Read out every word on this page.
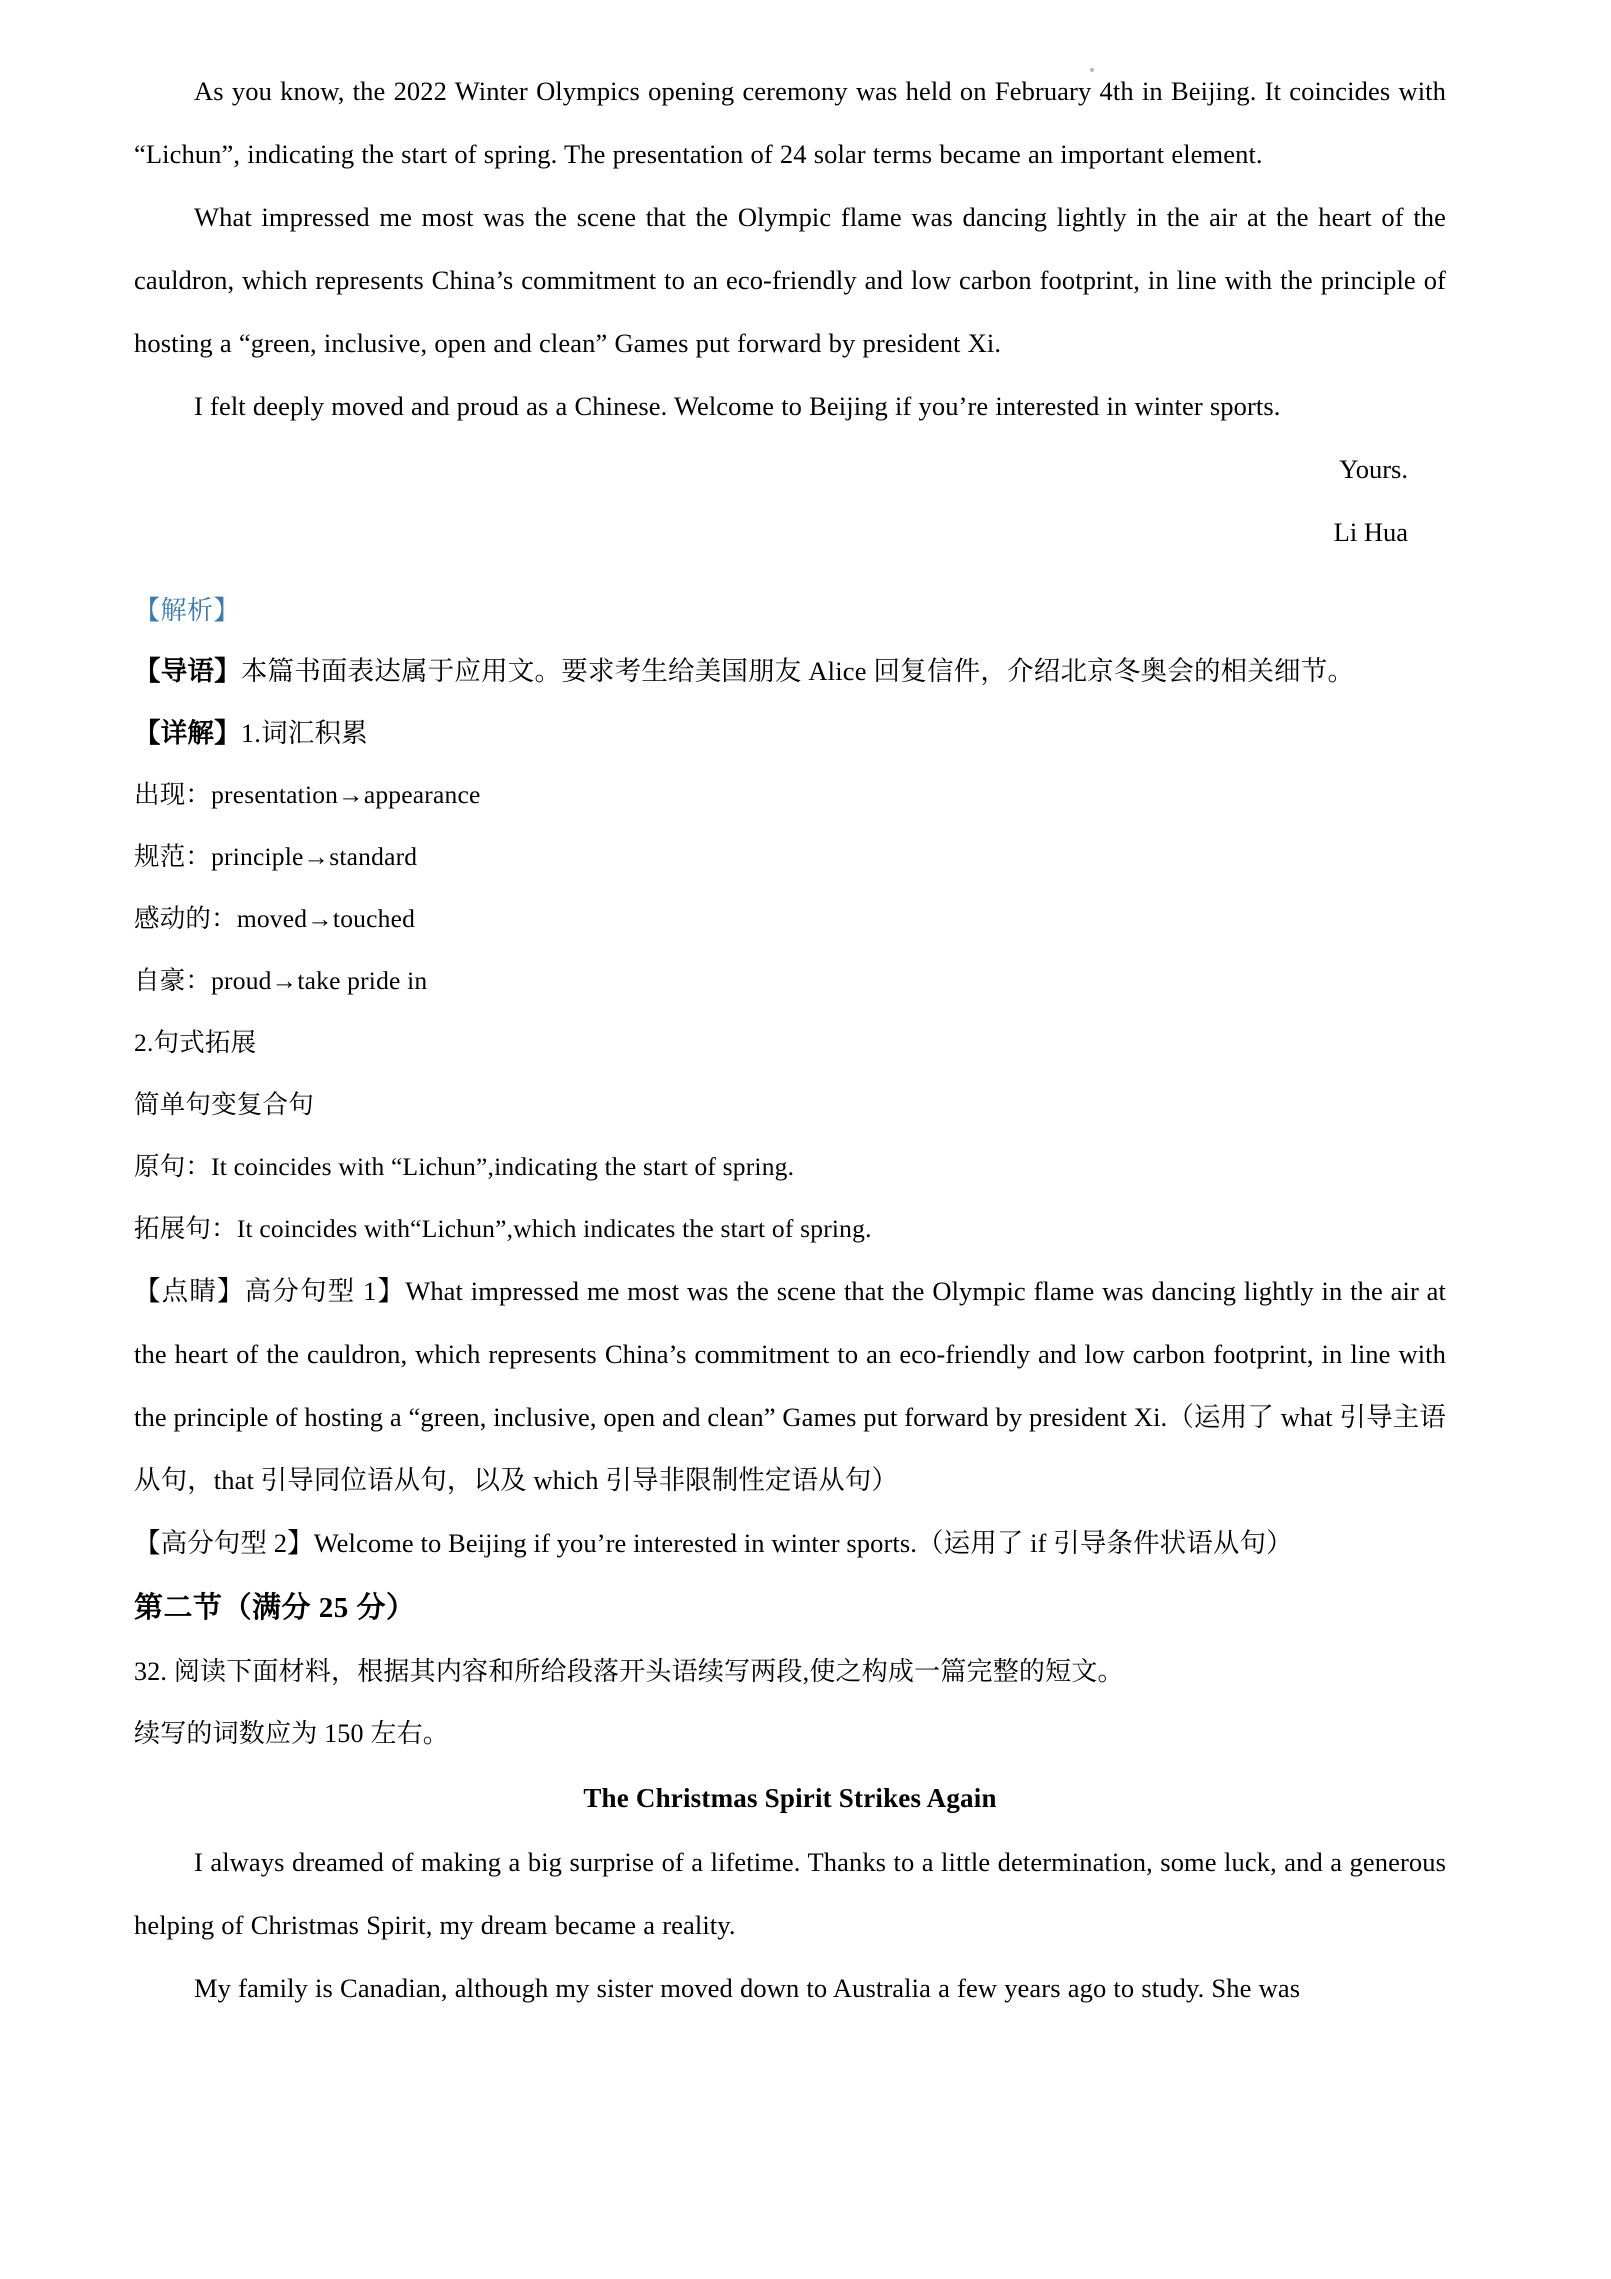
As you know, the 2022 Winter Olympics opening ceremony was held on February 4th in Beijing. It coincides with “Lichun”, indicating the start of spring. The presentation of 24 solar terms became an important element.

What impressed me most was the scene that the Olympic flame was dancing lightly in the air at the heart of the cauldron, which represents China’s commitment to an eco-friendly and low carbon footprint, in line with the principle of hosting a “green, inclusive, open and clean” Games put forward by president Xi.

I felt deeply moved and proud as a Chinese. Welcome to Beijing if you’re interested in winter sports.

Yours.

Li Hua

【解析】

【导语】本篇书面表达属于应用文。要求考生给美国朋友 Alice 回复信件，介绍北京冬奥会的相关细节。

【详解】1.词汇积累

出现：presentation→appearance

规范：principle→standard

感动的：moved→touched

自豪：proud→take pride in

2.句式拓展

简单句变复合句

原句：It coincides with “Lichun”,indicating the start of spring.

拓展句：It coincides with“Lichun”,which indicates the start of spring.

【点睛】高分句型 1】What impressed me most was the scene that the Olympic flame was dancing lightly in the air at the heart of the cauldron, which represents China’s commitment to an eco-friendly and low carbon footprint, in line with the principle of hosting a “green, inclusive, open and clean” Games put forward by president Xi.（运用了 what 引导主语从句，that 引导同位语从句，以及 which 引导非限制性定语从句）

【高分句型 2】Welcome to Beijing if you’re interested in winter sports.（运用了 if 引导条件状语从句）

第二节（满分 25 分）

32. 阅读下面材料，根据其内容和所给段落开头语续写两段,使之构成一篇完整的短文。

续写的词数应为 150 左右。

The Christmas Spirit Strikes Again

I always dreamed of making a big surprise of a lifetime. Thanks to a little determination, some luck, and a generous helping of Christmas Spirit, my dream became a reality.

My family is Canadian, although my sister moved down to Australia a few years ago to study. She was
